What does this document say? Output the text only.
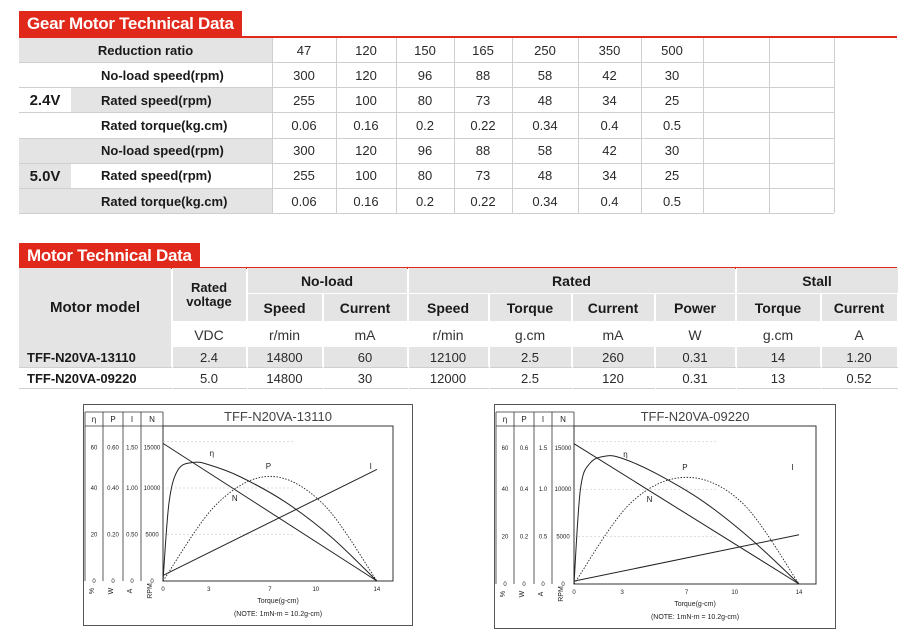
Gear Motor Technical Data
Reduction ratio	47	120	150	165	250	350	500
2.4V
No-load speed(rpm)	300	120	96	88	58	42	30
Rated speed(rpm)	255	100	80	73	48	34	25
Rated torque(kg.cm)	0.06	0.16	0.2	0.22	0.34	0.4	0.5
5.0V
No-load speed(rpm)	300	120	96	88	58	42	30
Rated speed(rpm)	255	100	80	73	48	34	25
Rated torque(kg.cm)	0.06	0.16	0.2	0.22	0.34	0.4	0.5
Motor Technical Data
Motor model
Rated voltage
No-load	Rated	Stall
Speed	Current	Speed	Torque	Current	Power	Torque	Current
VDC	r/min	mA	r/min	g.cm	mA	W	g.cm	A
TFF-N20VA-13110	2.4	14800	60	12100	2.5	260	0.31	14	1.20
TFF-N20VA-09220	5.0	14800	30	12000	2.5	120	0.31	13	0.52
η P I N	TFF-N20VA-13110
60 0.60 1.50 15000
40 0.40 1.00 10000
20 0.20 0.50 5000
0	0	0	0
% W A RPM 0	3	7	10	14
Torque(g-cm)
(NOTE: 1mN-m = 10.2g-cm)
η
P
N
I
η P I N	TFF-N20VA-09220
60 0.6 1.5 15000
40 0.4 1.0 10000
20 0.2 0.5 5000
0	0	0	0
% W A RPM 0	3	7	10	14
Torque(g-cm)
(NOTE: 1mN-m = 10.2g-cm)
η
P
N
I
